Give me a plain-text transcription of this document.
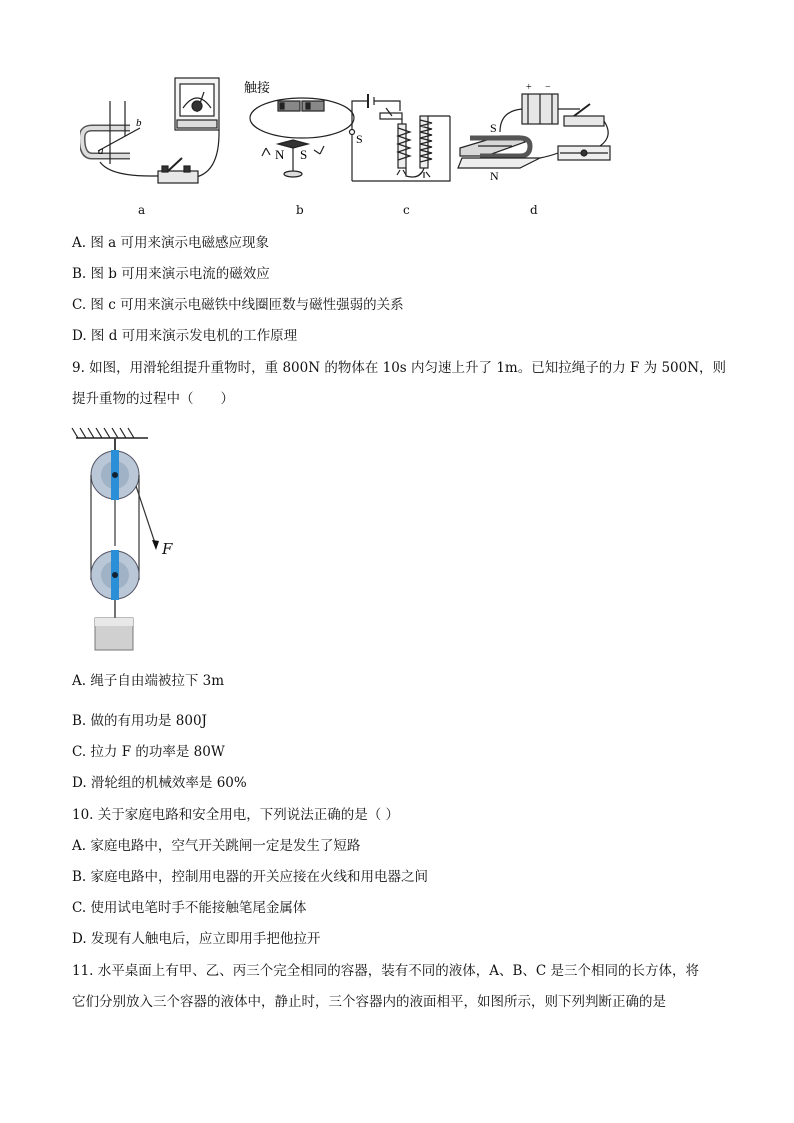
a
b
触接
N S
S
+ −
S
N
a	b	c	d
A. 图 a 可用来演示电磁感应现象
B. 图 b 可用来演示电流的磁效应
C. 图 c 可用来演示电磁铁中线圈匝数与磁性强弱的关系
D. 图 d 可用来演示发电机的工作原理
9. 如图，用滑轮组提升重物时，重 800N 的物体在 10s 内匀速上升了 1m。已知拉绳子的力 F 为 500N，则
提升重物的过程中（　　）
F
A. 绳子自由端被拉下 3m
B. 做的有用功是 800J
C. 拉力 F 的功率是 80W
D. 滑轮组的机械效率是 60%
10. 关于家庭电路和安全用电，下列说法正确的是（ ）
A. 家庭电路中，空气开关跳闸一定是发生了短路
B. 家庭电路中，控制用电器的开关应接在火线和用电器之间
C. 使用试电笔时手不能接触笔尾金属体
D. 发现有人触电后，应立即用手把他拉开
11. 水平桌面上有甲、乙、丙三个完全相同的容器，装有不同的液体，A、B、C 是三个相同的长方体，将
它们分别放入三个容器的液体中，静止时，三个容器内的液面相平，如图所示，则下列判断正确的是
